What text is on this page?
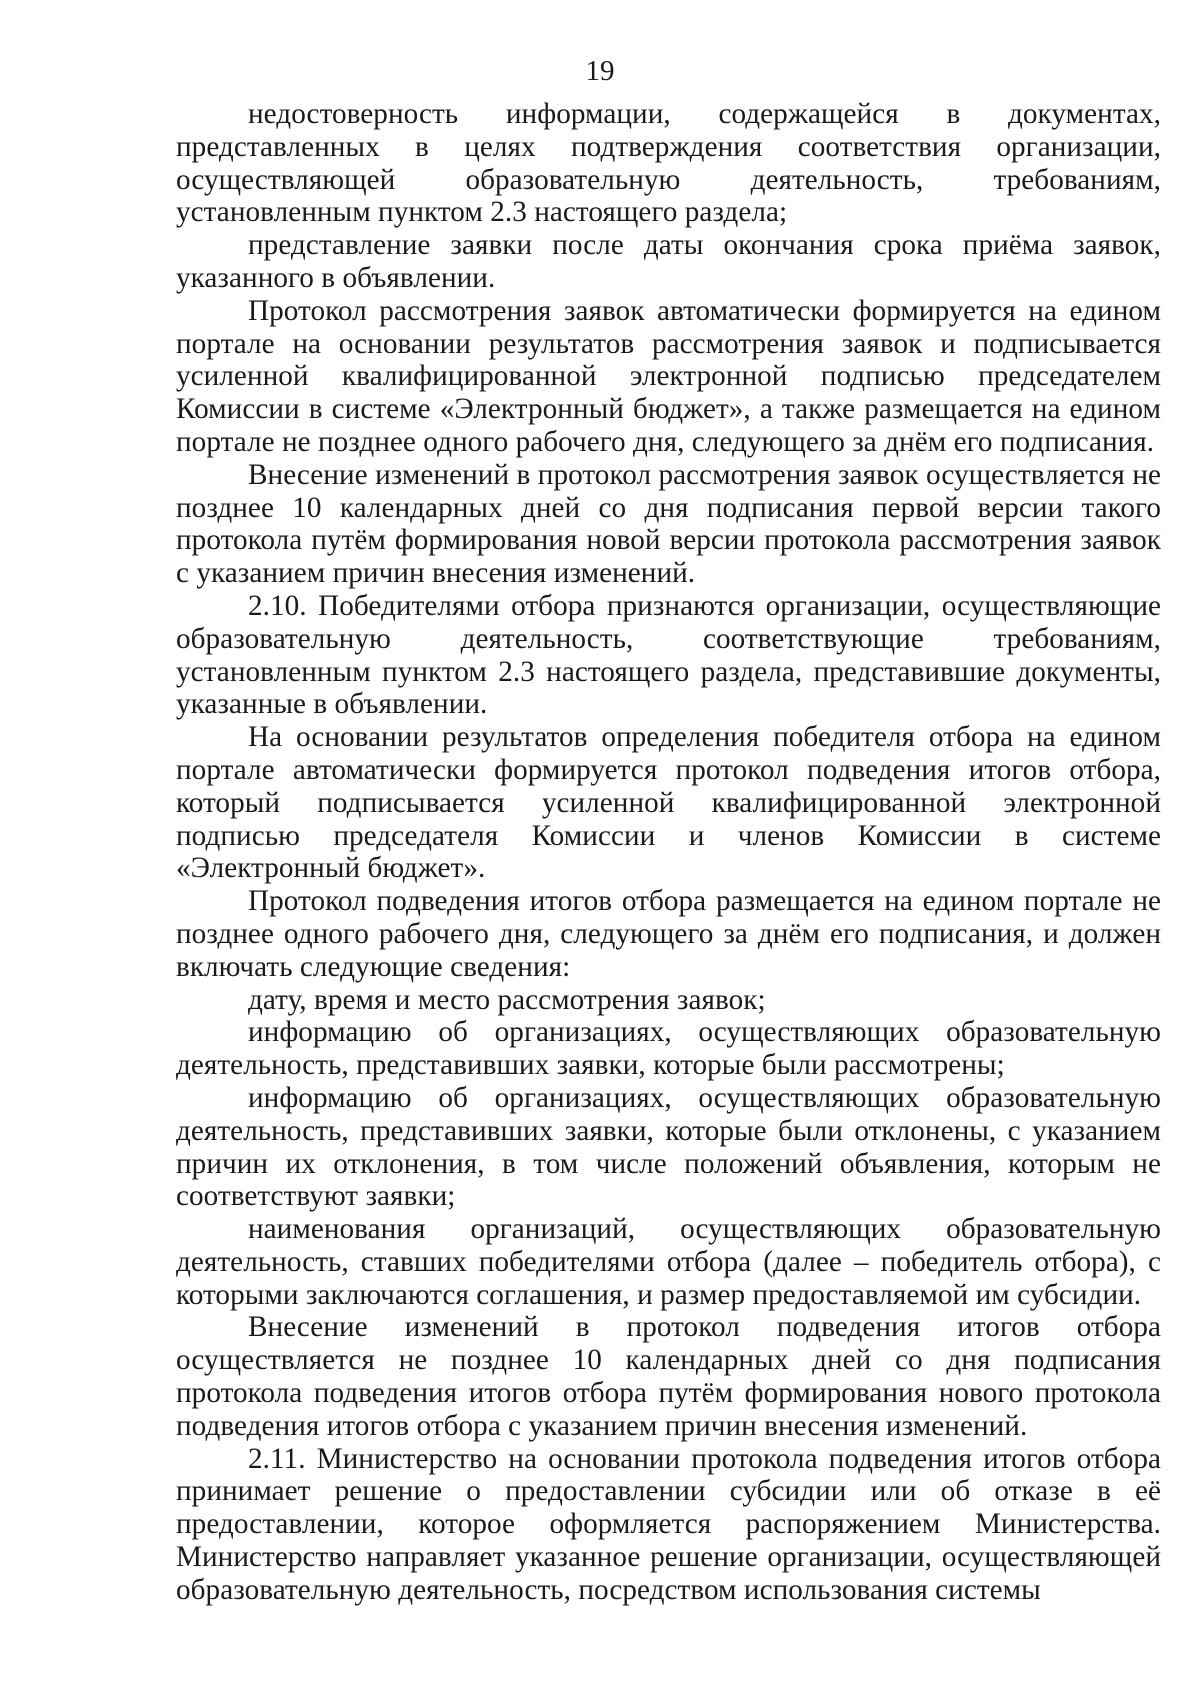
19

недостоверность информации, содержащейся в документах, представленных в целях подтверждения соответствия организации, осуществляющей образовательную деятельность, требованиям, установленным пунктом 2.3 настоящего раздела;

представление заявки после даты окончания срока приёма заявок, указанного в объявлении.

Протокол рассмотрения заявок автоматически формируется на едином портале на основании результатов рассмотрения заявок и подписывается усиленной квалифицированной электронной подписью председателем Комиссии в системе «Электронный бюджет», а также размещается на едином портале не позднее одного рабочего дня, следующего за днём его подписания.

Внесение изменений в протокол рассмотрения заявок осуществляется не позднее 10 календарных дней со дня подписания первой версии такого протокола путём формирования новой версии протокола рассмотрения заявок с указанием причин внесения изменений.

2.10. Победителями отбора признаются организации, осуществляющие образовательную деятельность, соответствующие требованиям, установленным пунктом 2.3 настоящего раздела, представившие документы, указанные в объявлении.

На основании результатов определения победителя отбора на едином портале автоматически формируется протокол подведения итогов отбора, который подписывается усиленной квалифицированной электронной подписью председателя Комиссии и членов Комиссии в системе «Электронный бюджет».

Протокол подведения итогов отбора размещается на едином портале не позднее одного рабочего дня, следующего за днём его подписания, и должен включать следующие сведения:

дату, время и место рассмотрения заявок;

информацию об организациях, осуществляющих образовательную деятельность, представивших заявки, которые были рассмотрены;

информацию об организациях, осуществляющих образовательную деятельность, представивших заявки, которые были отклонены, с указанием причин их отклонения, в том числе положений объявления, которым не соответствуют заявки;

наименования организаций, осуществляющих образовательную деятельность, ставших победителями отбора (далее – победитель отбора), с которыми заключаются соглашения, и размер предоставляемой им субсидии.

Внесение изменений в протокол подведения итогов отбора осуществляется не позднее 10 календарных дней со дня подписания протокола подведения итогов отбора путём формирования нового протокола подведения итогов отбора с указанием причин внесения изменений.

2.11. Министерство на основании протокола подведения итогов отбора принимает решение о предоставлении субсидии или об отказе в её предоставлении, которое оформляется распоряжением Министерства. Министерство направляет указанное решение организации, осуществляющей образовательную деятельность, посредством использования системы
